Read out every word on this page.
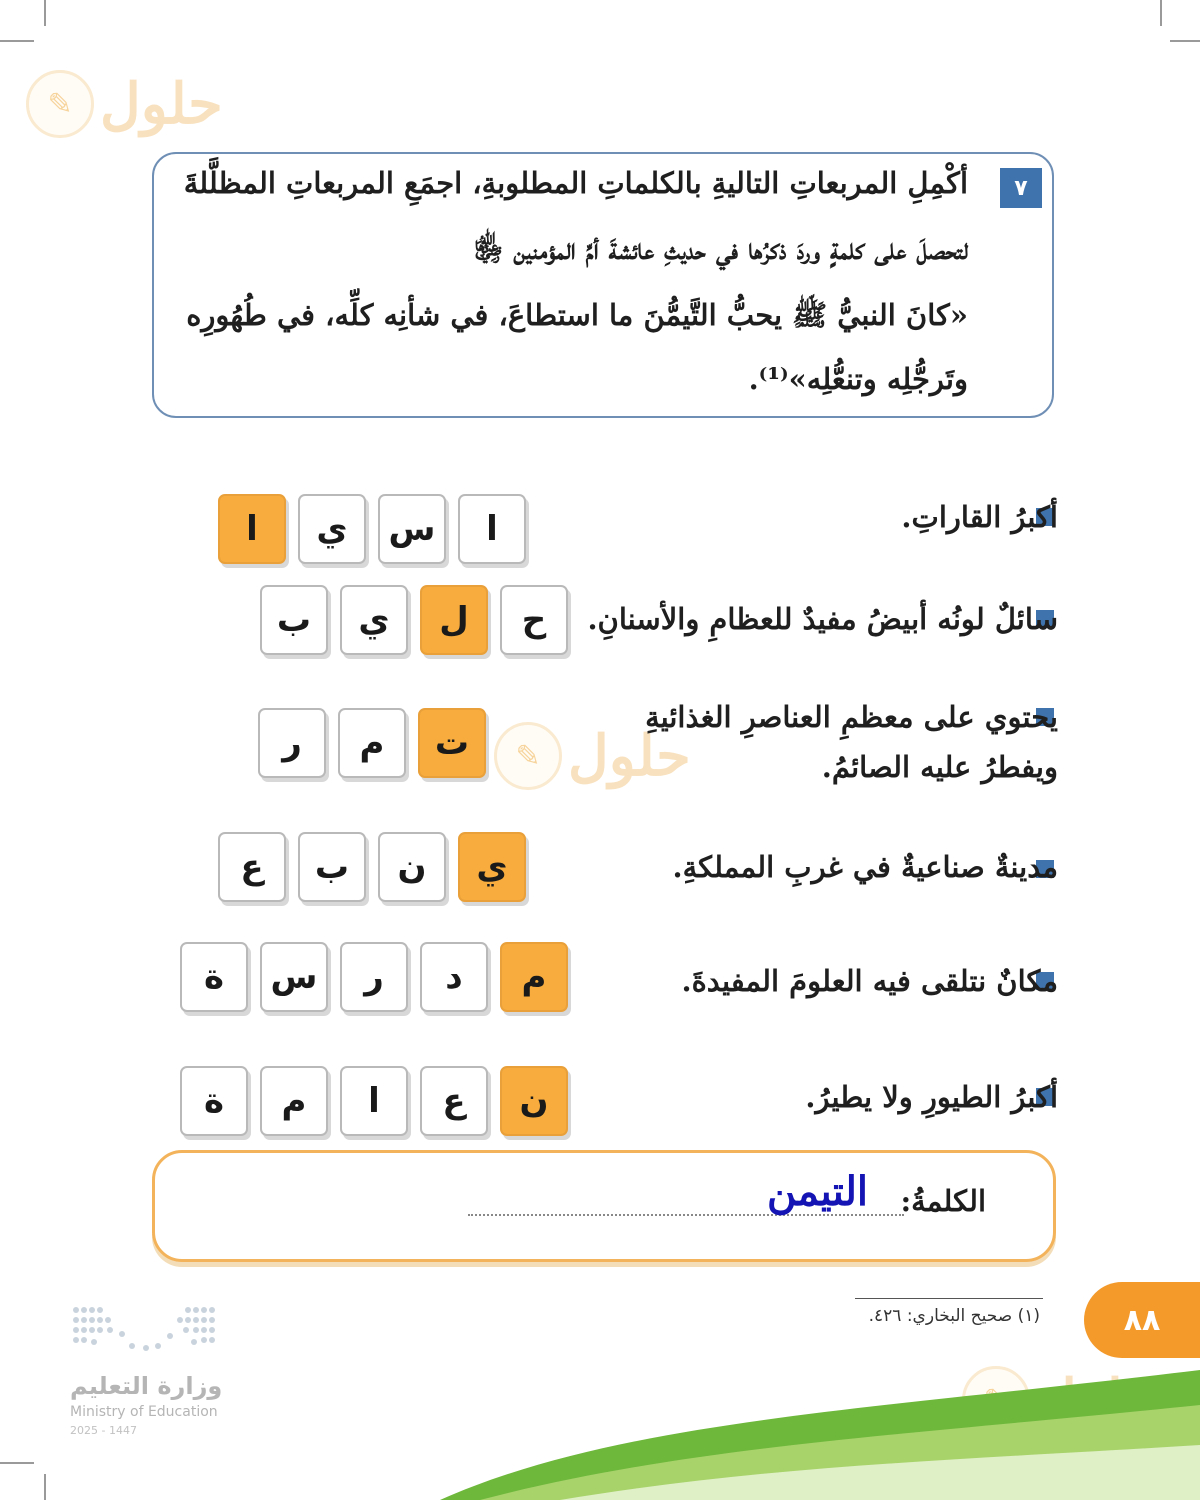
✎ حلول
✎ حلول
٧
أكْمِلِ المربعاتِ التاليةِ بالكلماتِ المطلوبةِ، اجمَعِ المربعاتِ المظلَّلةَ
لتحصلَ على كلمةٍ وردَ ذكرُها في حديثِ عائشةَ أمِّ المؤمنين ﵂
«كانَ النبيُّ ﷺ يحبُّ التَّيمُّنَ ما استطاعَ، في شأنِه كلِّه، في طُهُورِه
وتَرجُّلِه وتنعُّلِه»⁽¹⁾.
أكبرُ القاراتِ.
سائلٌ لونُه أبيضُ مفيدٌ للعظامِ والأسنانِ.
يحتوي على معظمِ العناصرِ الغذائيةِ
ويفطرُ عليه الصائمُ.
مدينةٌ صناعيةٌ في غربِ المملكةِ.
مكانٌ نتلقى فيه العلومَ المفيدةَ.
أكبرُ الطيورِ ولا يطيرُ.
ا
س
ي
ا
ح
ل
ي
ب
ت
م
ر
ي
ن
ب
ع
م
د
ر
س
ة
ن
ع
ا
م
ة
الكلمةُ:
التيمن
(١) صحيح البخاري: ٤٢٦.	٨٨
وزارة التعليم
Ministry of Education
2025 - 1447
